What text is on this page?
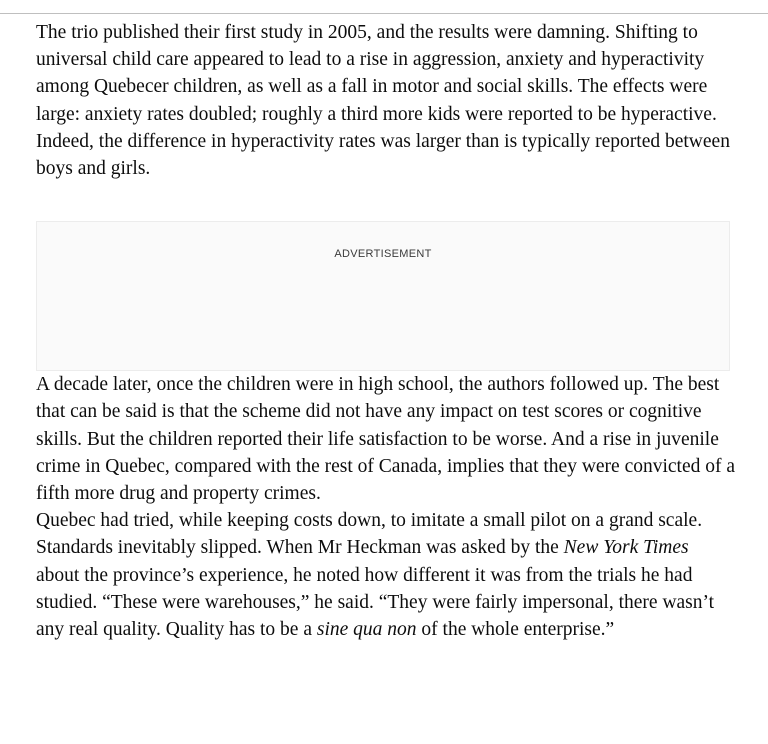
The trio published their first study in 2005, and the results were damning. Shifting to universal child care appeared to lead to a rise in aggression, anxiety and hyperactivity among Quebecer children, as well as a fall in motor and social skills. The effects were large: anxiety rates doubled; roughly a third more kids were reported to be hyperactive. Indeed, the difference in hyperactivity rates was larger than is typically reported between boys and girls.

ADVERTISEMENT

A decade later, once the children were in high school, the authors followed up. The best that can be said is that the scheme did not have any impact on test scores or cognitive skills. But the children reported their life satisfaction to be worse. And a rise in juvenile crime in Quebec, compared with the rest of Canada, implies that they were convicted of a fifth more drug and property crimes.

Quebec had tried, while keeping costs down, to imitate a small pilot on a grand scale. Standards inevitably slipped. When Mr Heckman was asked by the New York Times about the province’s experience, he noted how different it was from the trials he had studied. “These were warehouses,” he said. “They were fairly impersonal, there wasn’t any real quality. Quality has to be a sine qua non of the whole enterprise.”
